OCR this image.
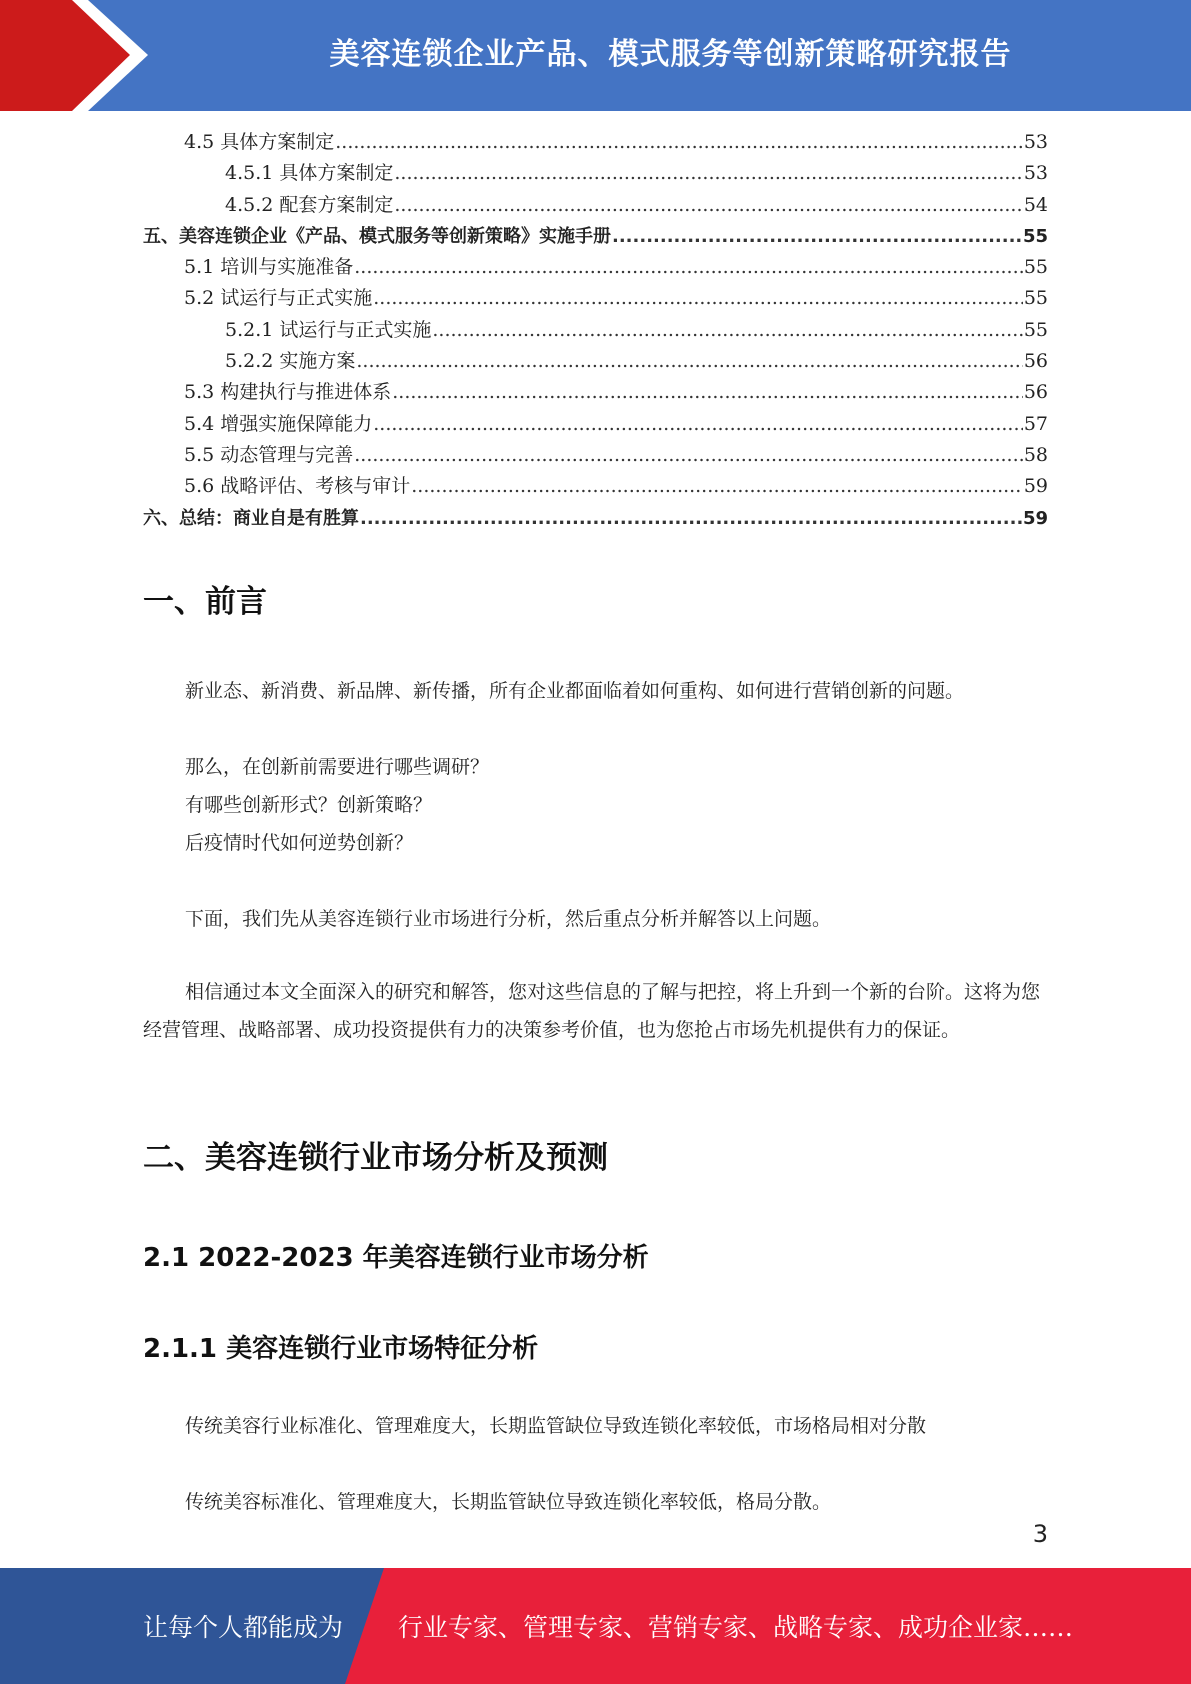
美容连锁企业产品、模式服务等创新策略研究报告
4.5 具体方案制定 .....	53
4.5.1 具体方案制定 .....	53
4.5.2 配套方案制定 .....	54
五、美容连锁企业《产品、模式服务等创新策略》实施手册 .....	55
5.1 培训与实施准备 .....	55
5.2 试运行与正式实施 .....	55
5.2.1 试运行与正式实施 .....	55
5.2.2 实施方案 .....	56
5.3 构建执行与推进体系 .....	56
5.4 增强实施保障能力 .....	57
5.5 动态管理与完善 .....	58
5.6 战略评估、考核与审计 .....	59
六、总结：商业自是有胜算 .....	59
一、前言
新业态、新消费、新品牌、新传播，所有企业都面临着如何重构、如何进行营销创新的问题。
那么，在创新前需要进行哪些调研？
有哪些创新形式？创新策略？
后疫情时代如何逆势创新？
下面，我们先从美容连锁行业市场进行分析，然后重点分析并解答以上问题。
相信通过本文全面深入的研究和解答，您对这些信息的了解与把控，将上升到一个新的台阶。这将为您经营管理、战略部署、成功投资提供有力的决策参考价值，也为您抢占市场先机提供有力的保证。
二、美容连锁行业市场分析及预测
2.1 2022-2023 年美容连锁行业市场分析
2.1.1 美容连锁行业市场特征分析
传统美容行业标准化、管理难度大，长期监管缺位导致连锁化率较低，市场格局相对分散
传统美容标准化、管理难度大，长期监管缺位导致连锁化率较低，格局分散。
3
让每个人都能成为 行业专家、管理专家、营销专家、战略专家、成功企业家……
